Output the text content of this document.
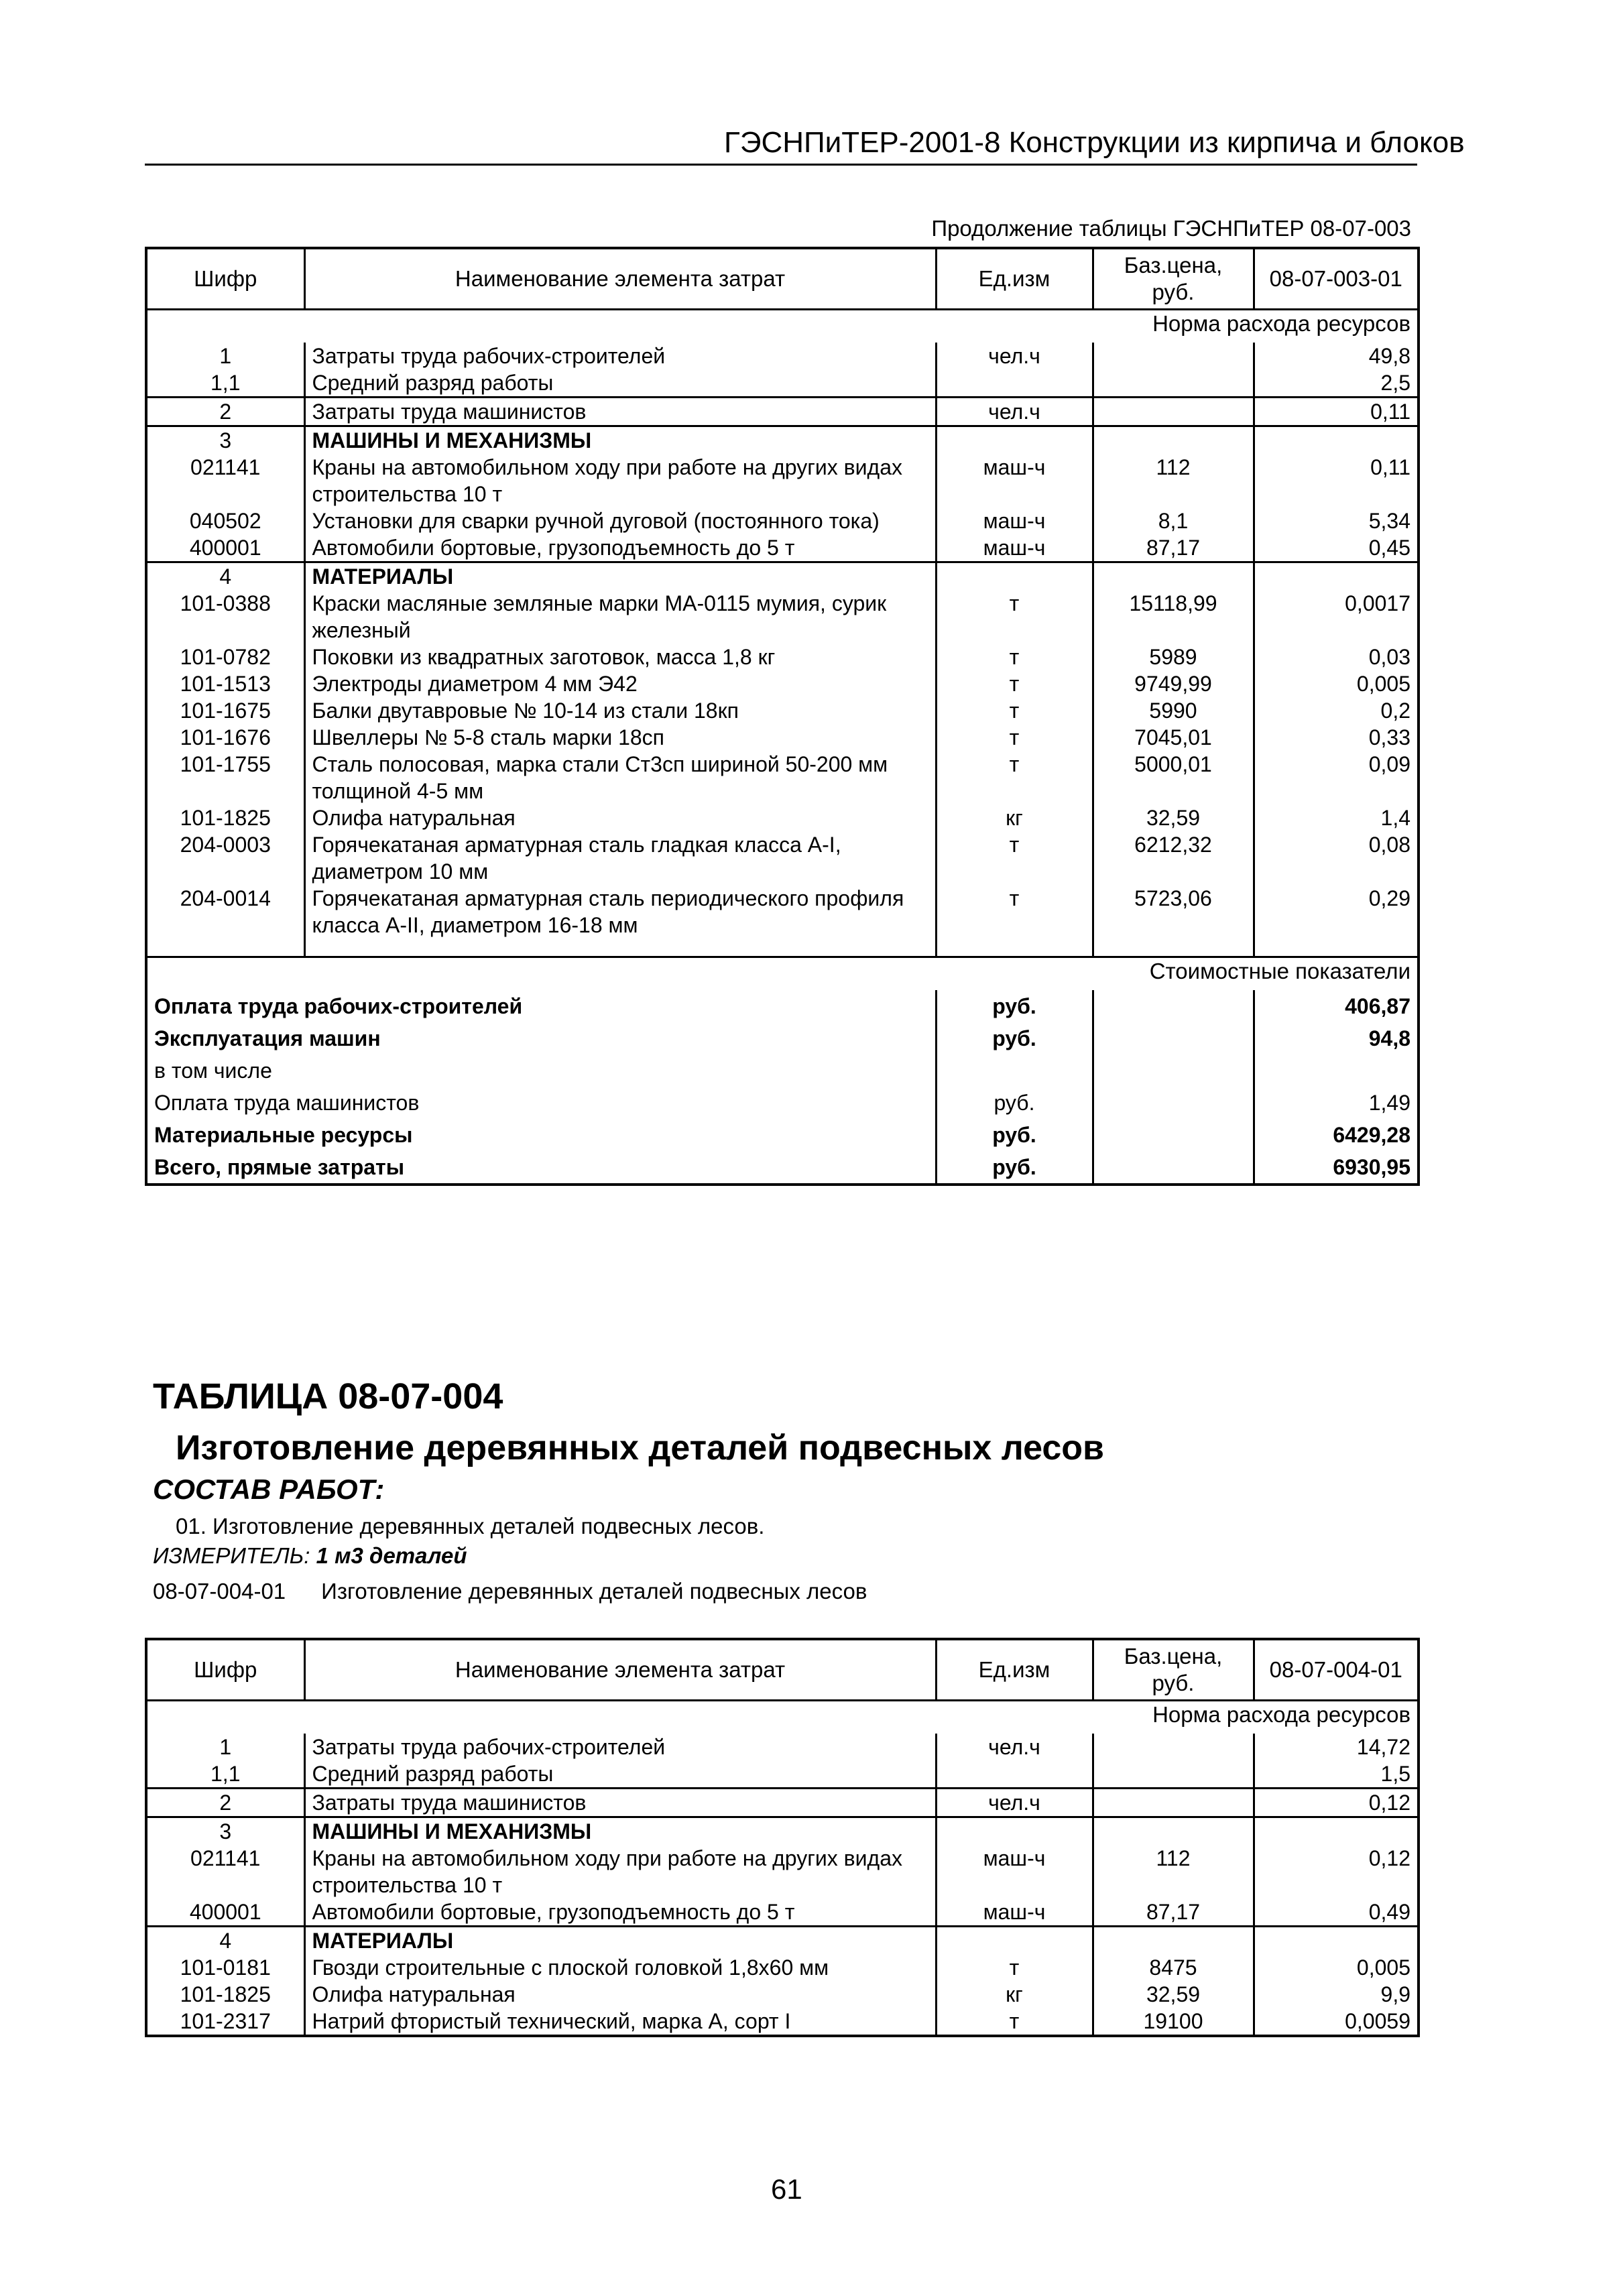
ГЭСНПиТЕР-2001-8 Конструкции из кирпича и блоков
Продолжение таблицы ГЭСНПиТЕР 08-07-003
Шифр	Наименование элемента затрат	Ед.изм	Баз.цена, руб.	08-07-003-01
Норма расхода ресурсов				
1	Затраты труда рабочих-строителей	чел.ч		49,8
1,1	Средний разряд работы			2,5
2	Затраты труда машинистов	чел.ч		0,11
3	МАШИНЫ И МЕХАНИЗМЫ			
021141	Краны на автомобильном ходу при работе на других видах строительства 10 т	маш-ч	112	0,11
040502	Установки для сварки ручной дуговой (постоянного тока)	маш-ч	8,1	5,34
400001	Автомобили бортовые, грузоподъемность до 5 т	маш-ч	87,17	0,45
4	МАТЕРИАЛЫ			
101-0388	Краски масляные земляные марки МА-0115 мумия, сурик железный	т	15118,99	0,0017
101-0782	Поковки из квадратных заготовок, масса 1,8 кг	т	5989	0,03
101-1513	Электроды диаметром 4 мм Э42	т	9749,99	0,005
101-1675	Балки двутавровые № 10-14 из стали 18кп	т	5990	0,2
101-1676	Швеллеры № 5-8 сталь марки 18сп	т	7045,01	0,33
101-1755	Сталь полосовая, марка стали Ст3сп шириной 50-200 мм толщиной 4-5 мм	т	5000,01	0,09
101-1825	Олифа натуральная	кг	32,59	1,4
204-0003	Горячекатаная арматурная сталь гладкая класса А-I, диаметром 10 мм	т	6212,32	0,08
204-0014	Горячекатаная арматурная сталь периодического профиля класса А-II, диаметром 16-18 мм	т	5723,06	0,29

Стоимостные показатели				
Оплата труда рабочих-строителей		руб.		406,87
Эксплуатация машин		руб.		94,8
в том числе				
Оплата труда машинистов		руб.		1,49
Материальные ресурсы		руб.		6429,28
Всего, прямые затраты		руб.		6930,95
ТАБЛИЦА 08-07-004
Изготовление деревянных деталей подвесных лесов
СОСТАВ РАБОТ:
01. Изготовление деревянных деталей подвесных лесов.
ИЗМЕРИТЕЛЬ: 1 м3 деталей
08-07-004-01 Изготовление деревянных деталей подвесных лесов
Шифр	Наименование элемента затрат	Ед.изм	Баз.цена, руб.	08-07-004-01
Норма расхода ресурсов				
1	Затраты труда рабочих-строителей	чел.ч		14,72
1,1	Средний разряд работы			1,5
2	Затраты труда машинистов	чел.ч		0,12
3	МАШИНЫ И МЕХАНИЗМЫ			
021141	Краны на автомобильном ходу при работе на других видах строительства 10 т	маш-ч	112	0,12
400001	Автомобили бортовые, грузоподъемность до 5 т	маш-ч	87,17	0,49
4	МАТЕРИАЛЫ			
101-0181	Гвозди строительные с плоской головкой 1,8х60 мм	т	8475	0,005
101-1825	Олифа натуральная	кг	32,59	9,9
101-2317	Натрий фтористый технический, марка А, сорт I	т	19100	0,0059
61
